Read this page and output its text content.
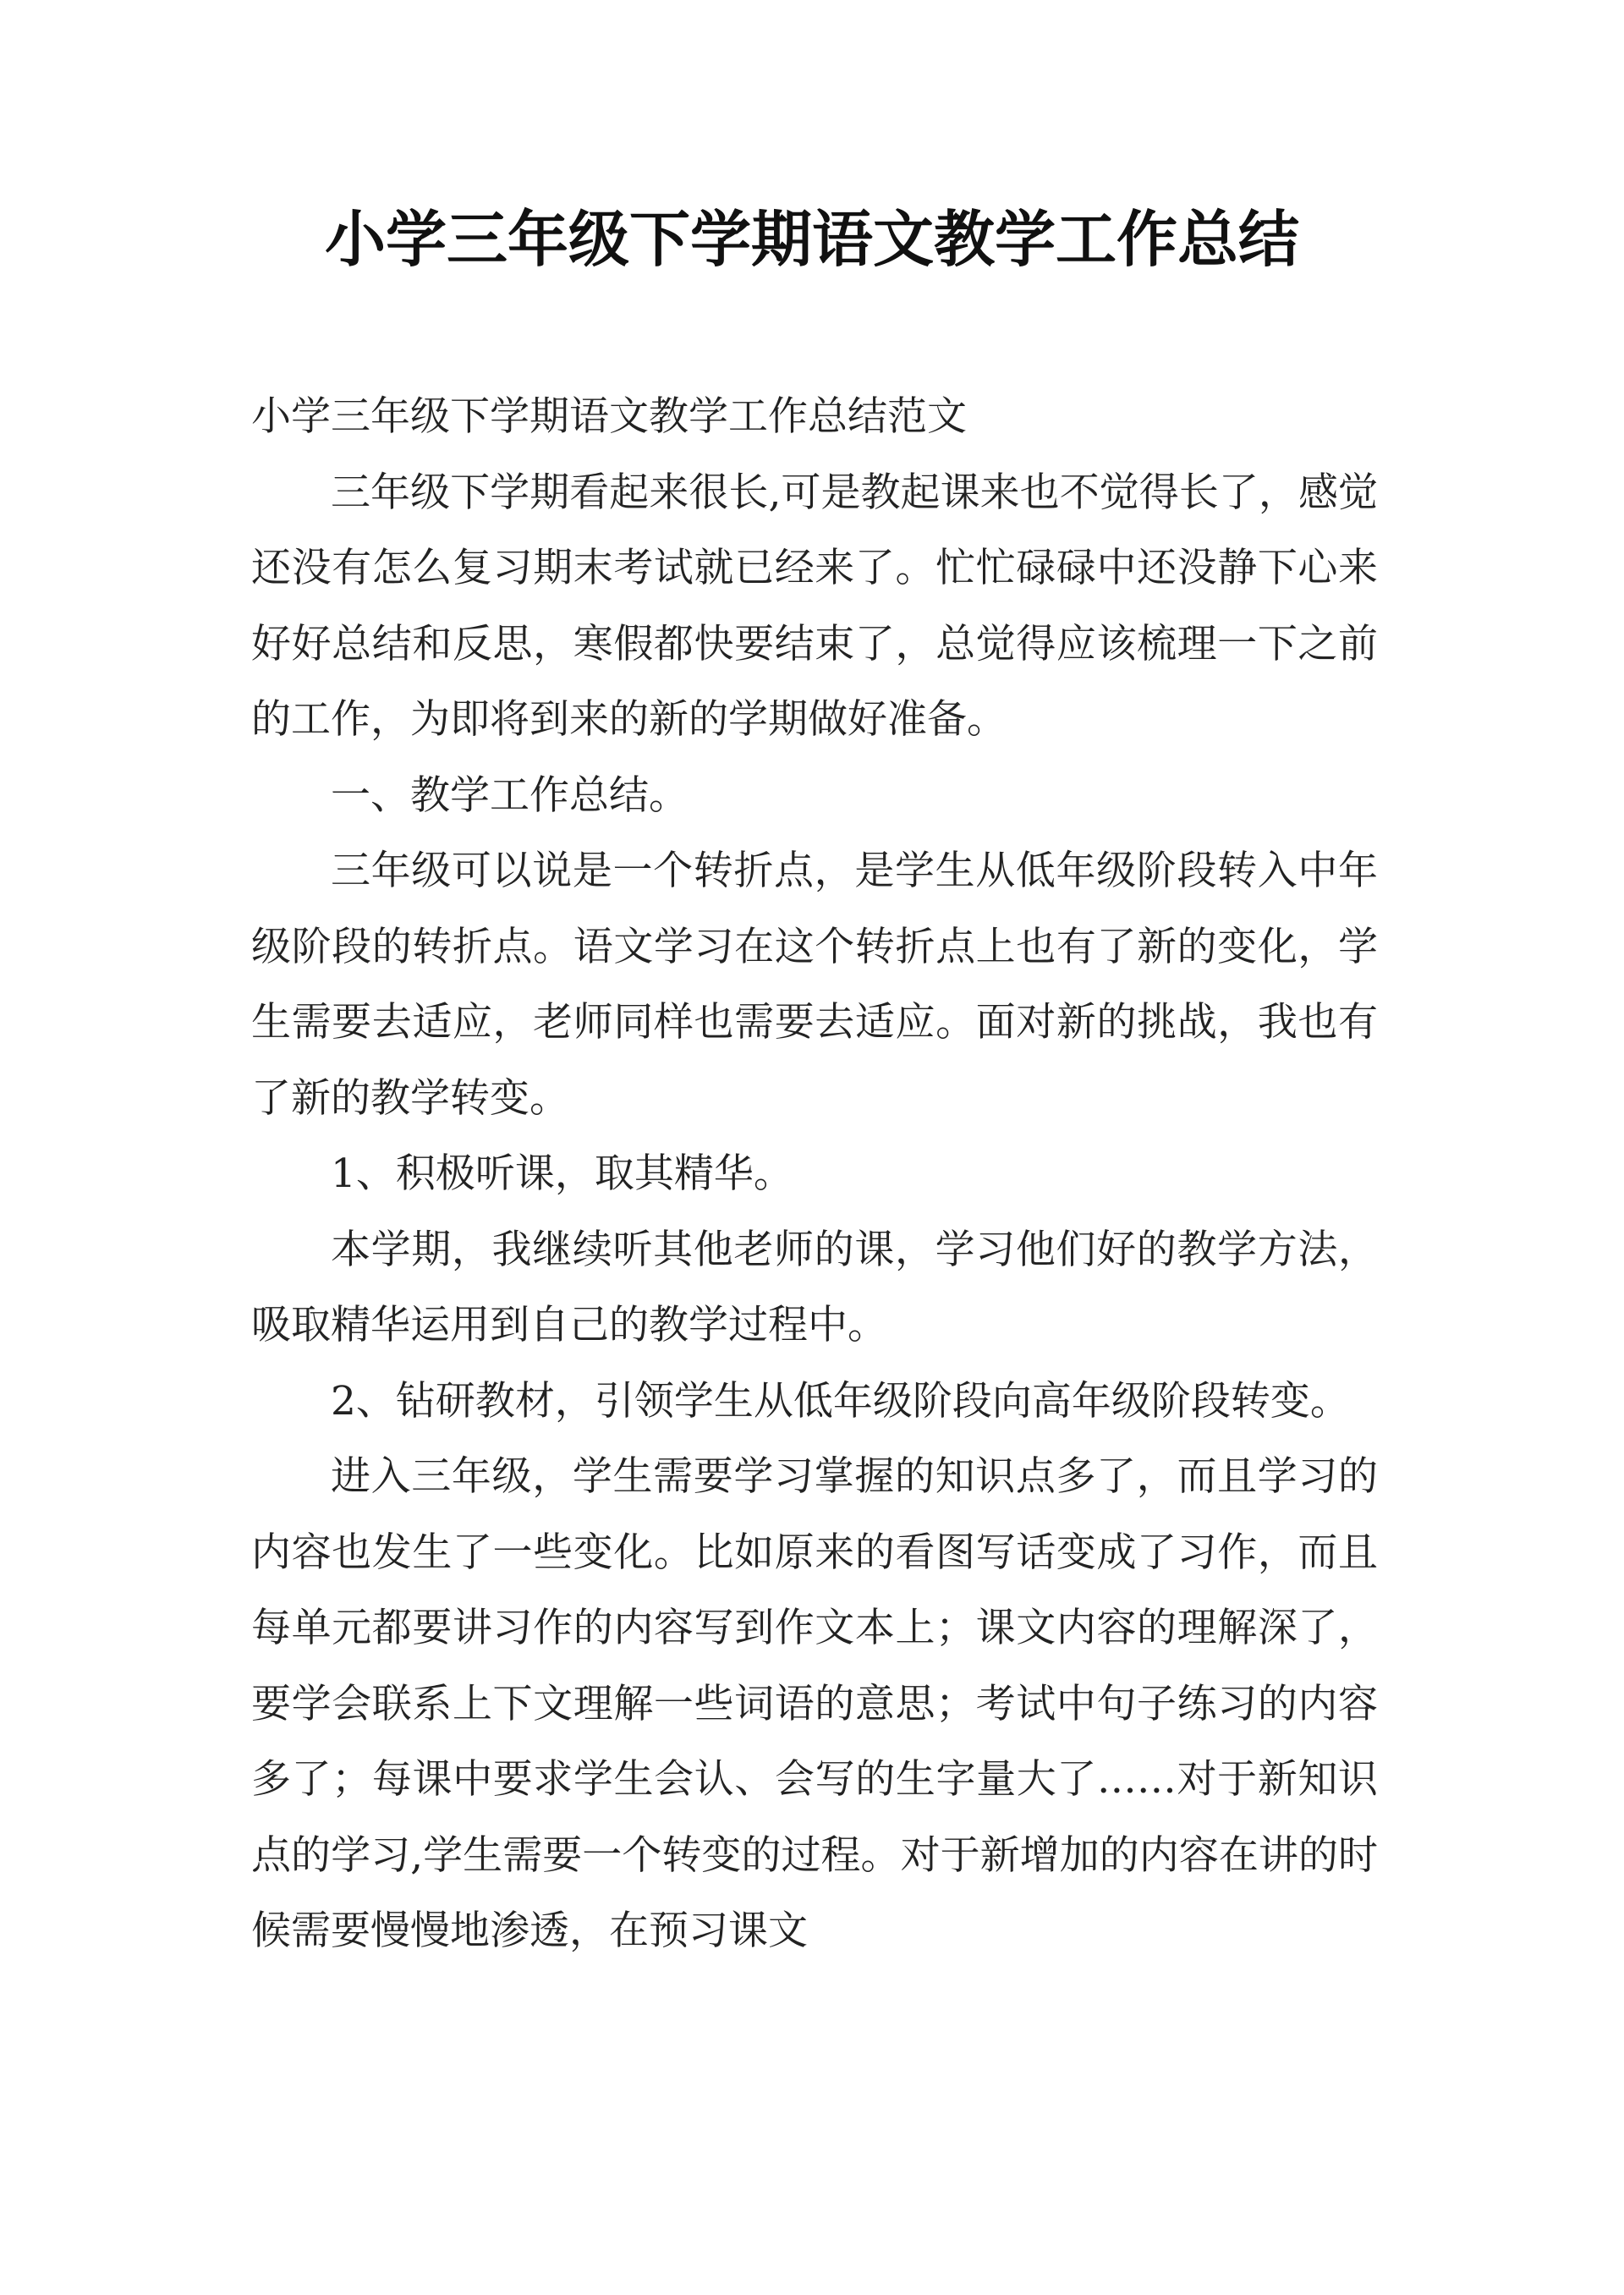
小学三年级下学期语文教学工作总结

小学三年级下学期语文教学工作总结范文

三年级下学期看起来很长,可是教起课来也不觉得长了，感觉还没有怎么复习期末考试就已经来了。忙忙碌碌中还没静下心来好好总结和反思，寒假都快要结束了，总觉得应该梳理一下之前的工作，为即将到来的新的学期做好准备。

一、教学工作总结。

三年级可以说是一个转折点，是学生从低年级阶段转入中年级阶段的转折点。语文学习在这个转折点上也有了新的变化，学生需要去适应，老师同样也需要去适应。面对新的挑战，我也有了新的教学转变。

1、积极听课，取其精华。

本学期，我继续听其他老师的课，学习他们好的教学方法，吸取精华运用到自己的教学过程中。

2、钻研教材，引领学生从低年级阶段向高年级阶段转变。

进入三年级，学生需要学习掌握的知识点多了，而且学习的内容也发生了一些变化。比如原来的看图写话变成了习作，而且每单元都要讲习作的内容写到作文本上；课文内容的理解深了，要学会联系上下文理解一些词语的意思；考试中句子练习的内容多了；每课中要求学生会认、会写的生字量大了……对于新知识点的学习,学生需要一个转变的过程。对于新增加的内容在讲的时候需要慢慢地渗透，在预习课文
